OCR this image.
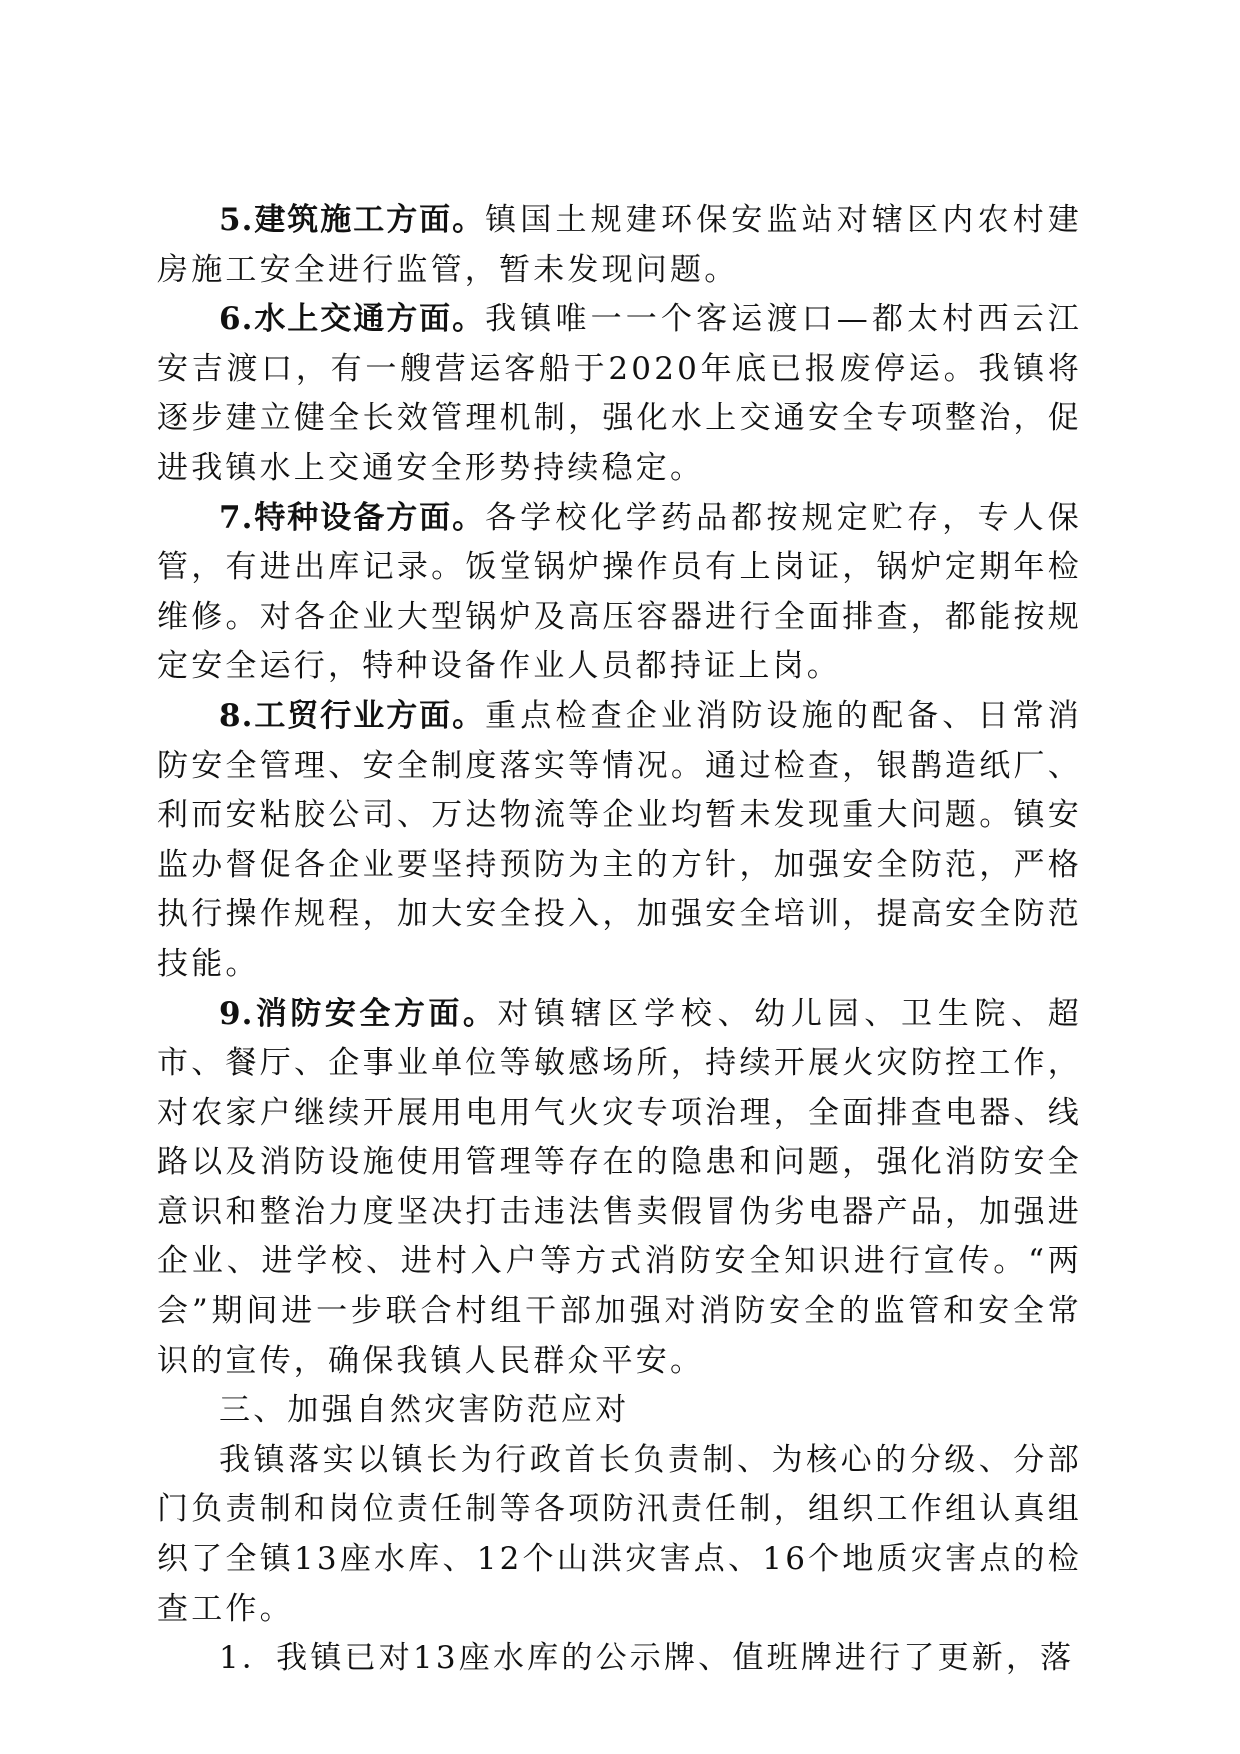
5.建筑施工方面。镇国土规建环保安监站对辖区内农村建房施工安全进行监管，暂未发现问题。

6.水上交通方面。我镇唯一一个客运渡口—都太村西云江安吉渡口，有一艘营运客船于2020年底已报废停运。我镇将逐步建立健全长效管理机制，强化水上交通安全专项整治，促进我镇水上交通安全形势持续稳定。

7.特种设备方面。各学校化学药品都按规定贮存，专人保管，有进出库记录。饭堂锅炉操作员有上岗证，锅炉定期年检维修。对各企业大型锅炉及高压容器进行全面排查，都能按规定安全运行，特种设备作业人员都持证上岗。

8.工贸行业方面。重点检查企业消防设施的配备、日常消防安全管理、安全制度落实等情况。通过检查，银鹊造纸厂、利而安粘胶公司、万达物流等企业均暂未发现重大问题。镇安监办督促各企业要坚持预防为主的方针，加强安全防范，严格执行操作规程，加大安全投入，加强安全培训，提高安全防范技能。

9.消防安全方面。对镇辖区学校、幼儿园、卫生院、超市、餐厅、企事业单位等敏感场所，持续开展火灾防控工作，对农家户继续开展用电用气火灾专项治理，全面排查电器、线路以及消防设施使用管理等存在的隐患和问题，强化消防安全意识和整治力度坚决打击违法售卖假冒伪劣电器产品，加强进企业、进学校、进村入户等方式消防安全知识进行宣传。“两会”期间进一步联合村组干部加强对消防安全的监管和安全常识的宣传，确保我镇人民群众平安。

三、加强自然灾害防范应对

我镇落实以镇长为行政首长负责制、为核心的分级、分部门负责制和岗位责任制等各项防汛责任制，组织工作组认真组织了全镇13座水库、12个山洪灾害点、16个地质灾害点的检查工作。

1．我镇已对13座水库的公示牌、值班牌进行了更新，落
